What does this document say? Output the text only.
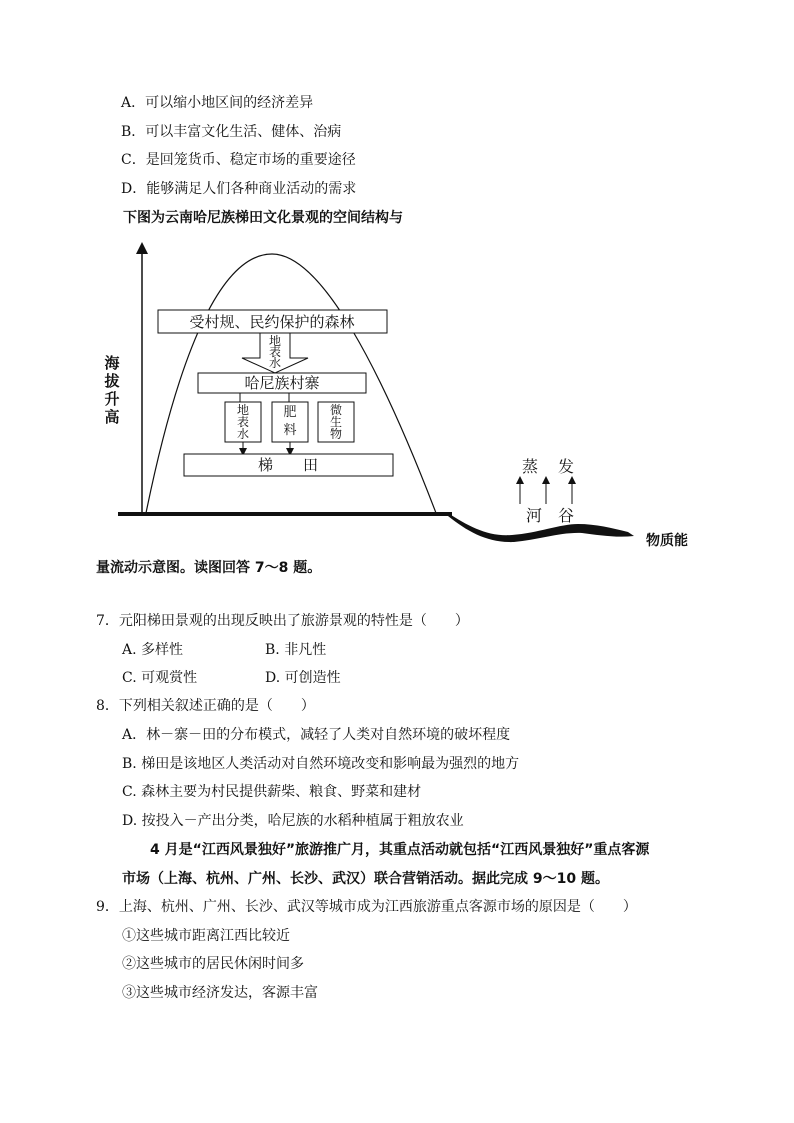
A．可以缩小地区间的经济差异
B．可以丰富文化生活、健体、治病
C．是回笼货币、稳定市场的重要途径
D．能够满足人们各种商业活动的需求
下图为云南哈尼族梯田文化景观的空间结构与
海
拔
升
高
受村规、民约保护的森林
地
表
水
哈尼族村寨
地
表
水
肥
料
微
生
物
梯　　田	蒸 发
河 谷
物质能
量流动示意图。读图回答 7～8 题。
7．元阳梯田景观的出现反映出了旅游景观的特性是（　　）
A. 多样性	B. 非凡性
C. 可观赏性	D. 可创造性
8．下列相关叙述正确的是（　　）
A．林－寨－田的分布模式，减轻了人类对自然环境的破坏程度
B. 梯田是该地区人类活动对自然环境改变和影响最为强烈的地方
C. 森林主要为村民提供薪柴、粮食、野菜和建材
D. 按投入－产出分类，哈尼族的水稻种植属于粗放农业
4 月是“江西风景独好”旅游推广月，其重点活动就包括“江西风景独好”重点客源
市场（上海、杭州、广州、长沙、武汉）联合营销活动。据此完成 9～10 题。
9．上海、杭州、广州、长沙、武汉等城市成为江西旅游重点客源市场的原因是（　　）
①这些城市距离江西比较近
②这些城市的居民休闲时间多
③这些城市经济发达，客源丰富
